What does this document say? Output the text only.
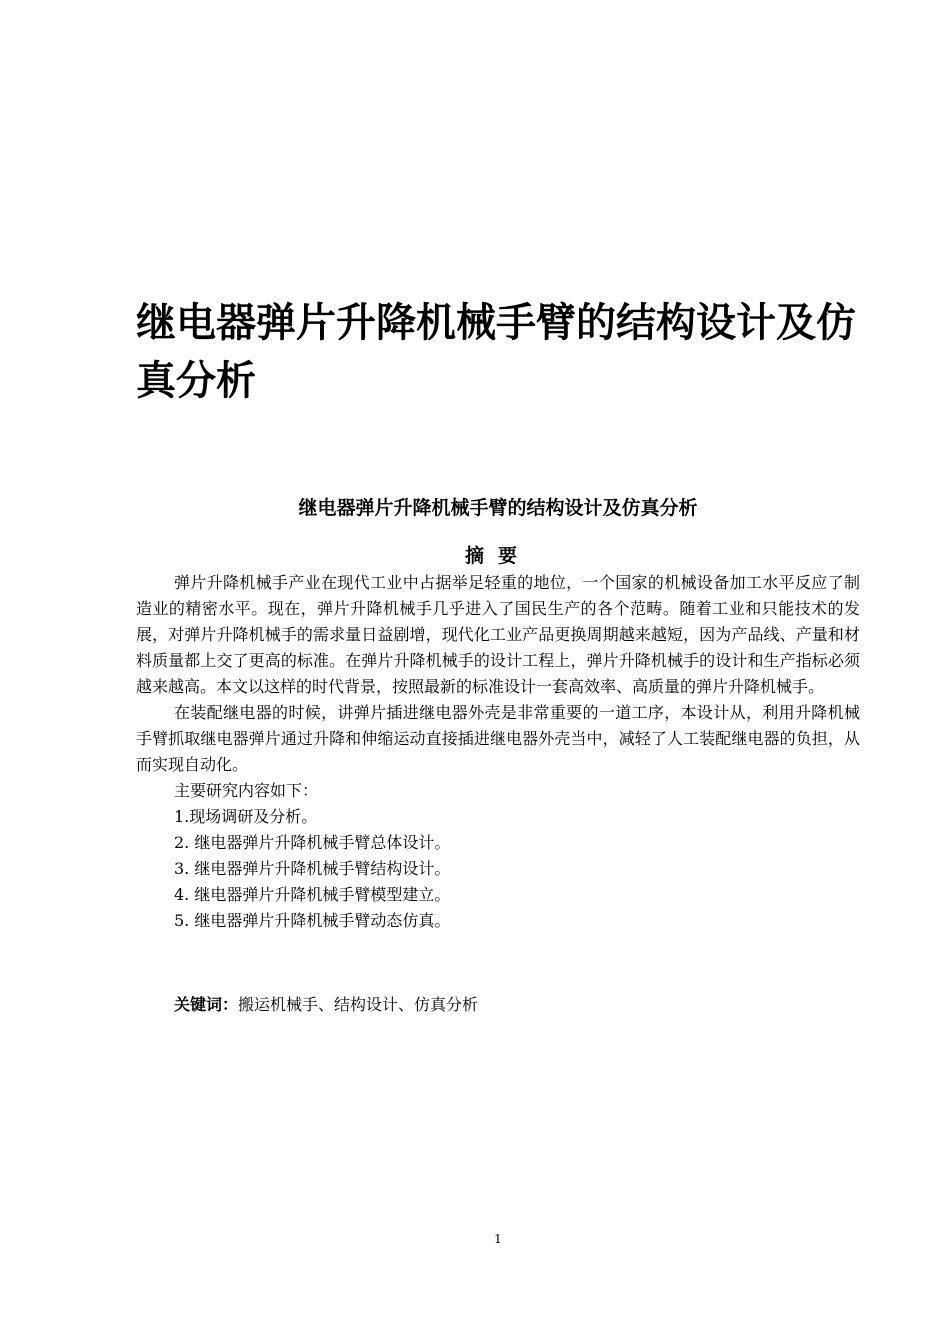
继电器弹片升降机械手臂的结构设计及仿真分析
继电器弹片升降机械手臂的结构设计及仿真分析
摘要

弹片升降机械手产业在现代工业中占据举足轻重的地位，一个国家的机械设备加工水平反应了制造业的精密水平。现在，弹片升降机械手几乎进入了国民生产的各个范畴。随着工业和只能技术的发展，对弹片升降机械手的需求量日益剧增，现代化工业产品更换周期越来越短，因为产品线、产量和材料质量都上交了更高的标准。在弹片升降机械手的设计工程上，弹片升降机械手的设计和生产指标必须越来越高。本文以这样的时代背景，按照最新的标准设计一套高效率、高质量的弹片升降机械手。

在装配继电器的时候，讲弹片插进继电器外壳是非常重要的一道工序，本设计从，利用升降机械手臂抓取继电器弹片通过升降和伸缩运动直接插进继电器外壳当中，减轻了人工装配继电器的负担，从而实现自动化。

主要研究内容如下：

1.现场调研及分析。
2. 继电器弹片升降机械手臂总体设计。
3. 继电器弹片升降机械手臂结构设计。
4. 继电器弹片升降机械手臂模型建立。
5. 继电器弹片升降机械手臂动态仿真。
关键词：搬运机械手、结构设计、仿真分析
1
